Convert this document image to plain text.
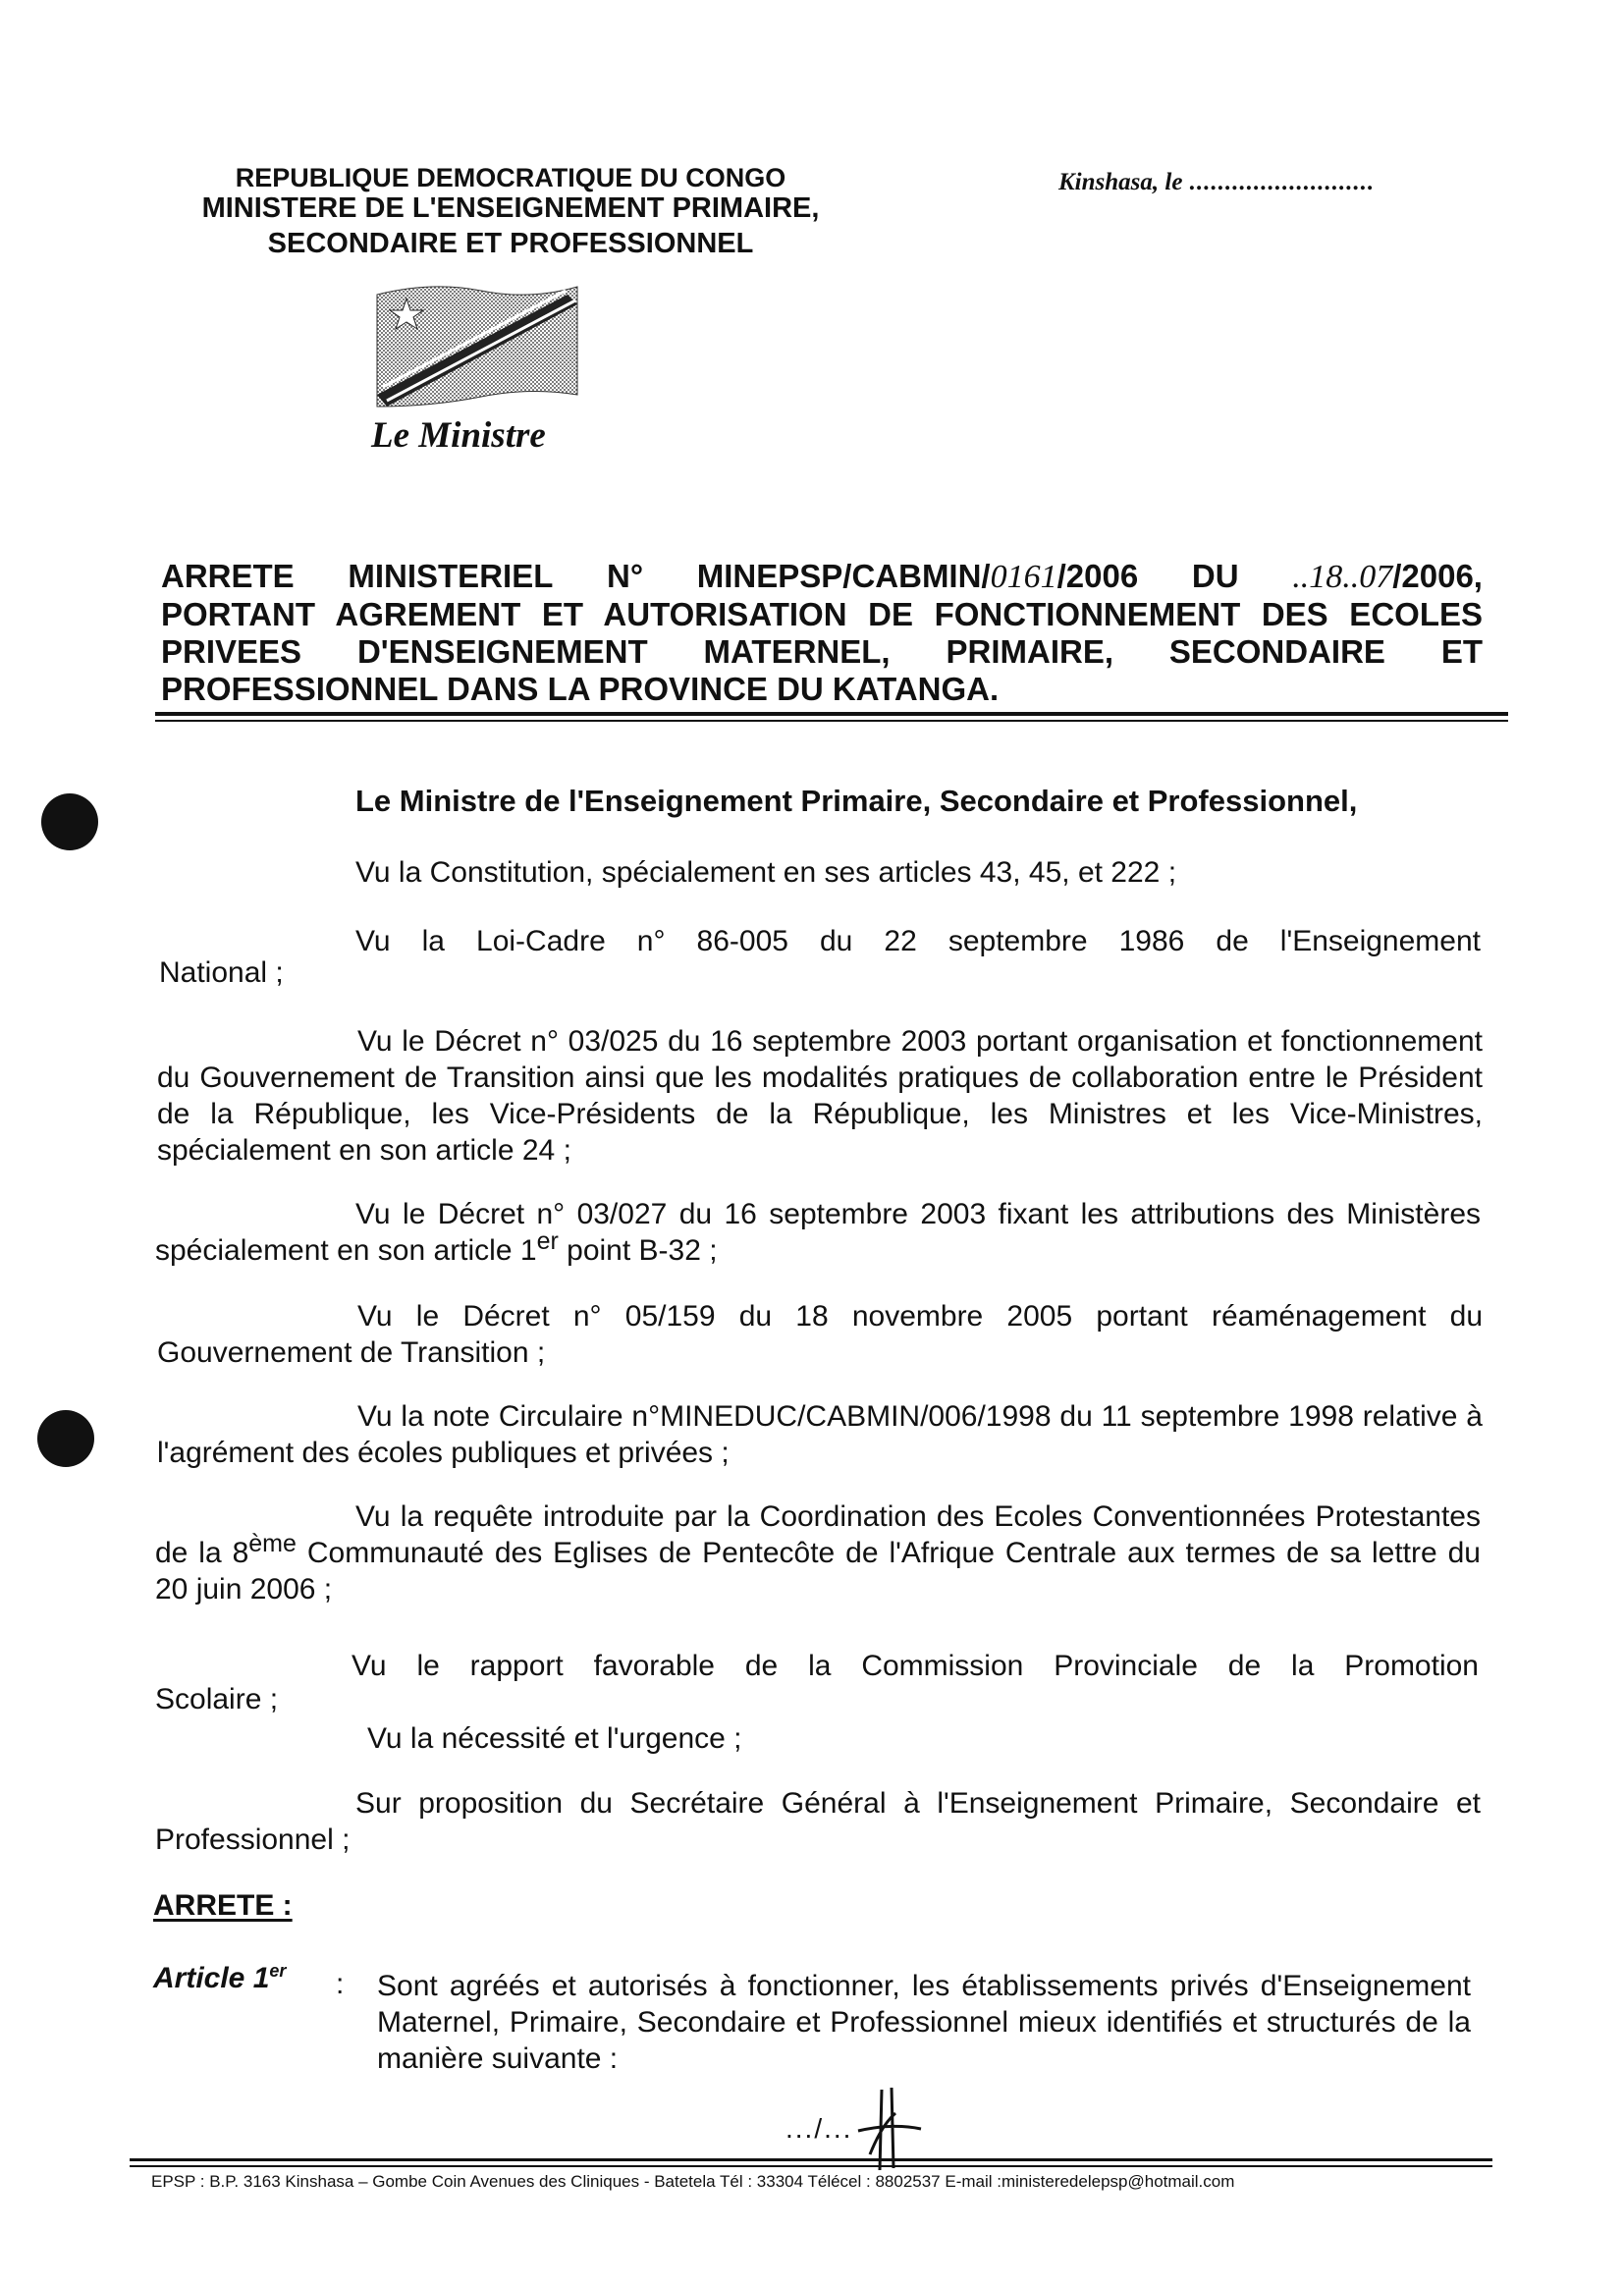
REPUBLIQUE DEMOCRATIQUE DU CONGO
MINISTERE DE L'ENSEIGNEMENT PRIMAIRE,
SECONDAIRE ET PROFESSIONNEL
Kinshasa, le ..........................
Le Ministre
ARRETE MINISTERIEL N° MINEPSP/CABMIN/0161/2006 DU ..18..07/2006,
PORTANT AGREMENT ET AUTORISATION DE FONCTIONNEMENT DES ECOLES
PRIVEES D'ENSEIGNEMENT MATERNEL, PRIMAIRE, SECONDAIRE ET
PROFESSIONNEL DANS LA PROVINCE DU KATANGA.
Le Ministre de l'Enseignement Primaire, Secondaire et Professionnel,
Vu la Constitution, spécialement en ses articles 43, 45, et 222 ;
Vu la Loi-Cadre n° 86-005 du 22 septembre 1986 de l'Enseignement
National ;
Vu le Décret n° 03/025 du 16 septembre 2003 portant organisation et fonctionnement du Gouvernement de Transition ainsi que les modalités pratiques de collaboration entre le Président de la République, les Vice-Présidents de la République, les Ministres et les Vice-Ministres, spécialement en son article 24 ;
Vu le Décret n° 03/027 du 16 septembre 2003 fixant les attributions des Ministères spécialement en son article 1er point B-32 ;
Vu le Décret n° 05/159 du 18 novembre 2005 portant réaménagement du Gouvernement de Transition ;
Vu la note Circulaire n°MINEDUC/CABMIN/006/1998 du 11 septembre 1998 relative à l'agrément des écoles publiques et privées ;
Vu la requête introduite par la Coordination des Ecoles Conventionnées Protestantes de la 8ème Communauté des Eglises de Pentecôte de l'Afrique Centrale aux termes de sa lettre du 20 juin 2006 ;
Vu le rapport favorable de la Commission Provinciale de la Promotion
Scolaire ;
Vu la nécessité et l'urgence ;
Sur proposition du Secrétaire Général à l'Enseignement Primaire, Secondaire et Professionnel ;
ARRETE :
Article 1er : Sont agréés et autorisés à fonctionner, les établissements privés d'Enseignement Maternel, Primaire, Secondaire et Professionnel mieux identifiés et structurés de la manière suivante :
.../...
EPSP : B.P. 3163 Kinshasa – Gombe Coin Avenues des Cliniques - Batetela Tél : 33304 Télécel : 8802537 E-mail :ministeredelepsp@hotmail.com
